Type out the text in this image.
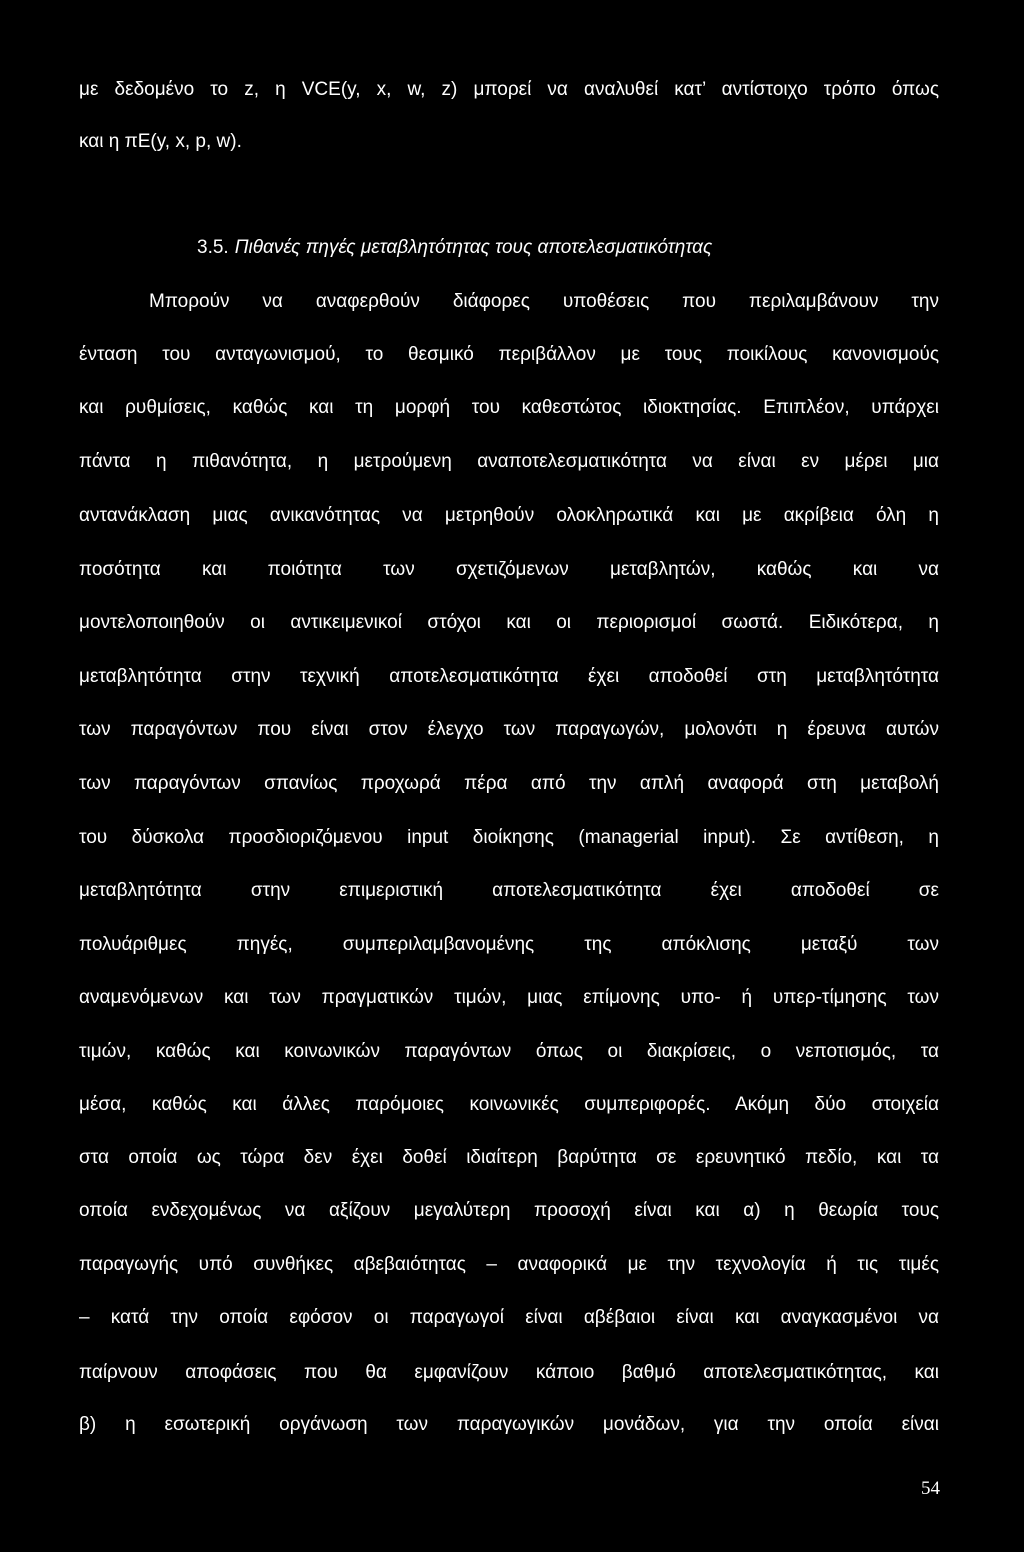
με δεδομένο το z, η VCE(y, x, w, z) μπορεί να αναλυθεί κατ’ αντίστοιχο τρόπο όπως
και η πE(y, x, p, w).
3.5. Πιθανές πηγές μεταβλητότητας τους αποτελεσματικότητας
Μπορούν να αναφερθούν διάφορες υποθέσεις που περιλαμβάνουν την
ένταση του ανταγωνισμού, το θεσμικό περιβάλλον με τους ποικίλους κανονισμούς
και ρυθμίσεις, καθώς και τη μορφή του καθεστώτος ιδιοκτησίας. Επιπλέον, υπάρχει
πάντα η πιθανότητα, η μετρούμενη αναποτελεσματικότητα να είναι εν μέρει μια
αντανάκλαση μιας ανικανότητας να μετρηθούν ολοκληρωτικά και με ακρίβεια όλη η
ποσότητα και ποιότητα των σχετιζόμενων μεταβλητών, καθώς και να
μοντελοποιηθούν οι αντικειμενικοί στόχοι και οι περιορισμοί σωστά. Ειδικότερα, η
μεταβλητότητα στην τεχνική αποτελεσματικότητα έχει αποδοθεί στη μεταβλητότητα
των παραγόντων που είναι στον έλεγχο των παραγωγών, μολονότι η έρευνα αυτών
των παραγόντων σπανίως προχωρά πέρα από την απλή αναφορά στη μεταβολή
του δύσκολα προσδιοριζόμενου input διοίκησης (managerial input). Σε αντίθεση, η
μεταβλητότητα στην επιμεριστική αποτελεσματικότητα έχει αποδοθεί σε
πολυάριθμες πηγές, συμπεριλαμβανομένης της απόκλισης μεταξύ των
αναμενόμενων και των πραγματικών τιμών, μιας επίμονης υπο- ή υπερ-τίμησης των
τιμών, καθώς και κοινωνικών παραγόντων όπως οι διακρίσεις, ο νεποτισμός, τα
μέσα, καθώς και άλλες παρόμοιες κοινωνικές συμπεριφορές. Ακόμη δύο στοιχεία
στα οποία ως τώρα δεν έχει δοθεί ιδιαίτερη βαρύτητα σε ερευνητικό πεδίο, και τα
οποία ενδεχομένως να αξίζουν μεγαλύτερη προσοχή είναι και α) η θεωρία τους
παραγωγής υπό συνθήκες αβεβαιότητας – αναφορικά με την τεχνολογία ή τις τιμές
– κατά την οποία εφόσον οι παραγωγοί είναι αβέβαιοι είναι και αναγκασμένοι να
παίρνουν αποφάσεις που θα εμφανίζουν κάποιο βαθμό αποτελεσματικότητας, και
β) η εσωτερική οργάνωση των παραγωγικών μονάδων, για την οποία είναι
54
